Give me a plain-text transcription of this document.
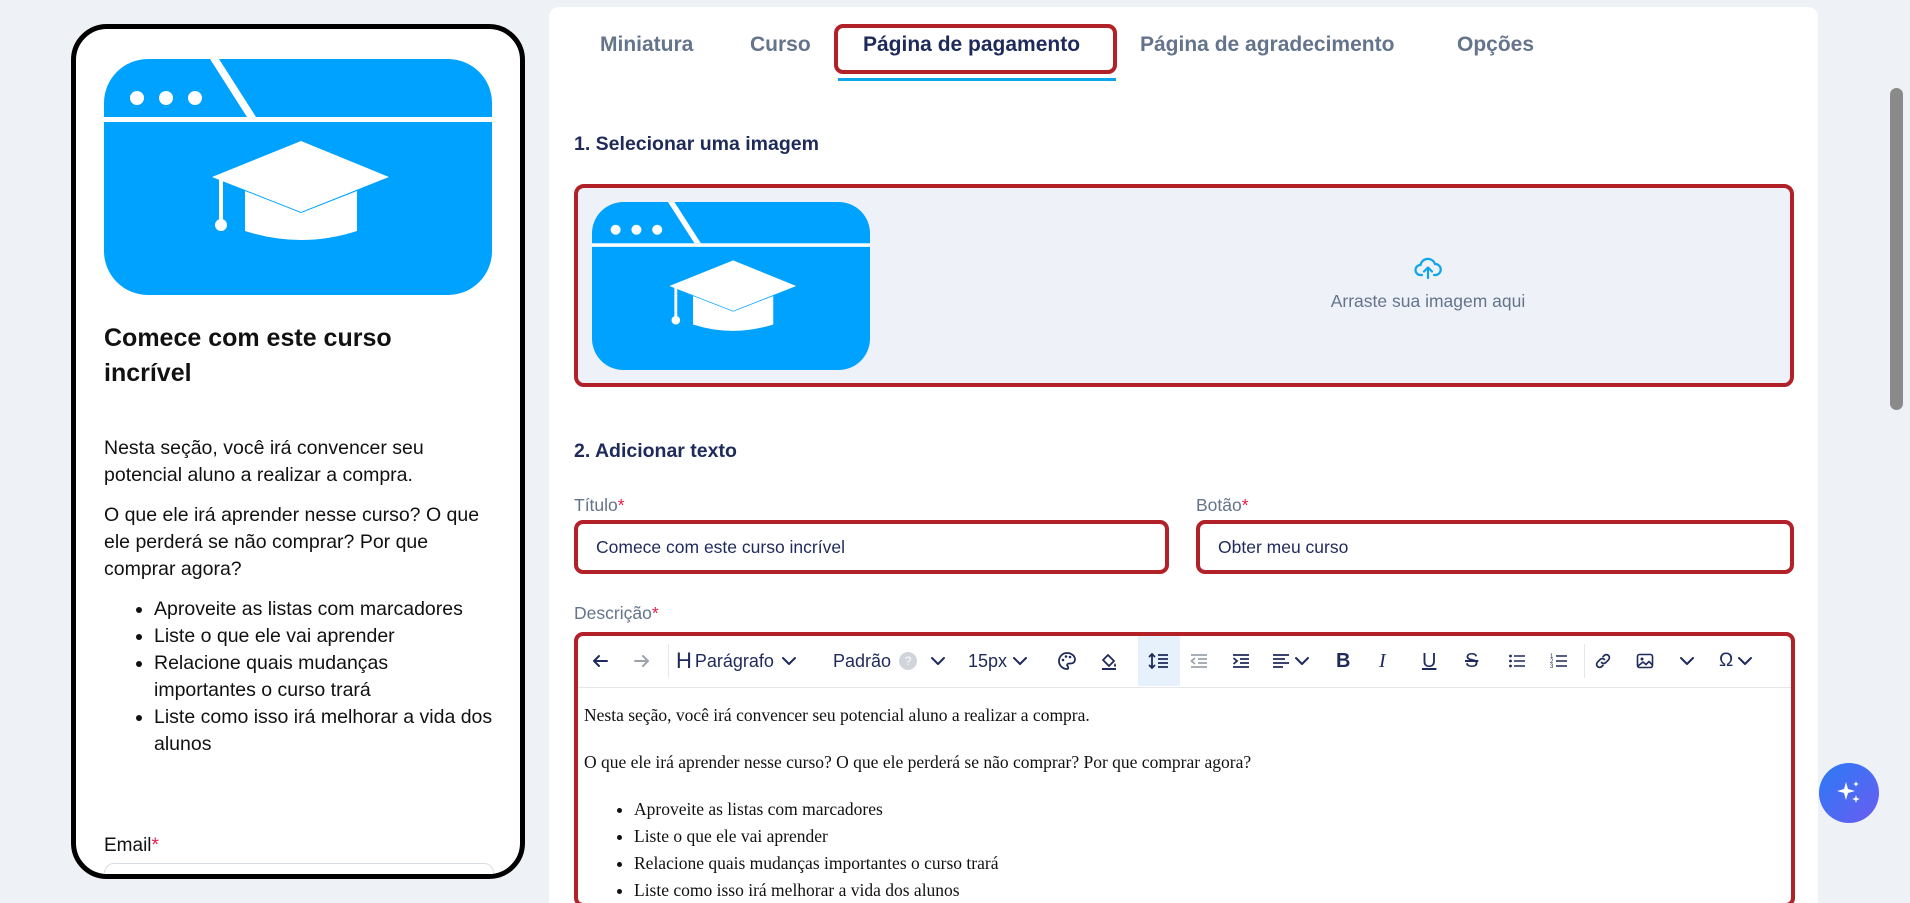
Comece com este curso incrível

Nesta seção, você irá convencer seu potencial aluno a realizar a compra.

O que ele irá aprender nesse curso? O que ele perderá se não comprar? Por que comprar agora?

• Aproveite as listas com marcadores
• Liste o que ele vai aprender
• Relacione quais mudanças importantes o curso trará
• Liste como isso irá melhorar a vida dos alunos
Email*
Miniatura	Curso Página de pagamento	Página de agradecimento	Opções
1. Selecionar uma imagem
Arraste sua imagem aqui
2. Adicionar texto
Título*
Comece com este curso incrível
Botão*
Obter meu curso
Descrição*
H Parágrafo	Padrão	?	15px	B I U S	1
2
3	Ω

Nesta seção, você irá convencer seu potencial aluno a realizar a compra.

O que ele irá aprender nesse curso? O que ele perderá se não comprar? Por que comprar agora?

• Aproveite as listas com marcadores
• Liste o que ele vai aprender
• Relacione quais mudanças importantes o curso trará
• Liste como isso irá melhorar a vida dos alunos
